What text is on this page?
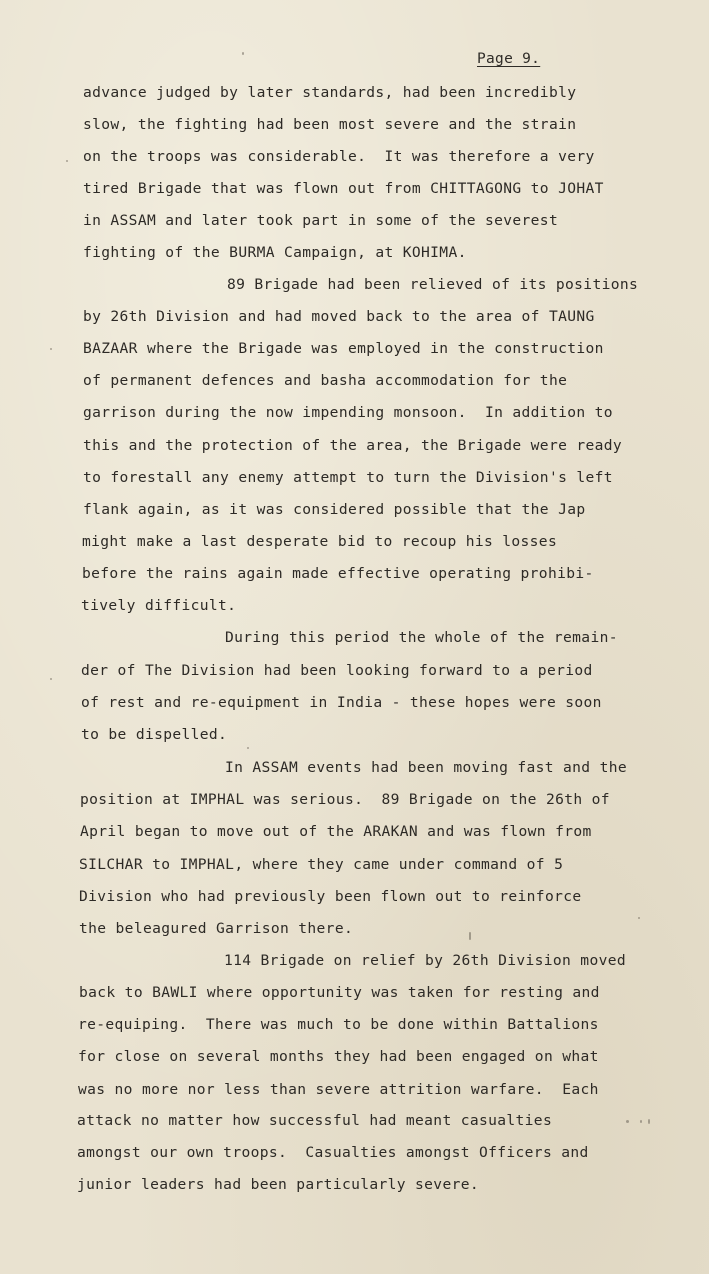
Page 9.
advance judged by later standards, had been incredibly
slow, the fighting had been most severe and the strain
on the troops was considerable.  It was therefore a very
tired Brigade that was flown out from CHITTAGONG to JOHAT
in ASSAM and later took part in some of the severest
fighting of the BURMA Campaign, at KOHIMA.
89 Brigade had been relieved of its positions
by 26th Division and had moved back to the area of TAUNG
BAZAAR where the Brigade was employed in the construction
of permanent defences and basha accommodation for the
garrison during the now impending monsoon.  In addition to
this and the protection of the area, the Brigade were ready
to forestall any enemy attempt to turn the Division's left
flank again, as it was considered possible that the Jap
might make a last desperate bid to recoup his losses
before the rains again made effective operating prohibi-
tively difficult.
During this period the whole of the remain-
der of The Division had been looking forward to a period
of rest and re-equipment in India - these hopes were soon
to be dispelled.
In ASSAM events had been moving fast and the
position at IMPHAL was serious.  89 Brigade on the 26th of
April began to move out of the ARAKAN and was flown from
SILCHAR to IMPHAL, where they came under command of 5
Division who had previously been flown out to reinforce
the beleagured Garrison there.
114 Brigade on relief by 26th Division moved
back to BAWLI where opportunity was taken for resting and
re-equiping.  There was much to be done within Battalions
for close on several months they had been engaged on what
was no more nor less than severe attrition warfare.  Each
attack no matter how successful had meant casualties
amongst our own troops.  Casualties amongst Officers and
junior leaders had been particularly severe.
